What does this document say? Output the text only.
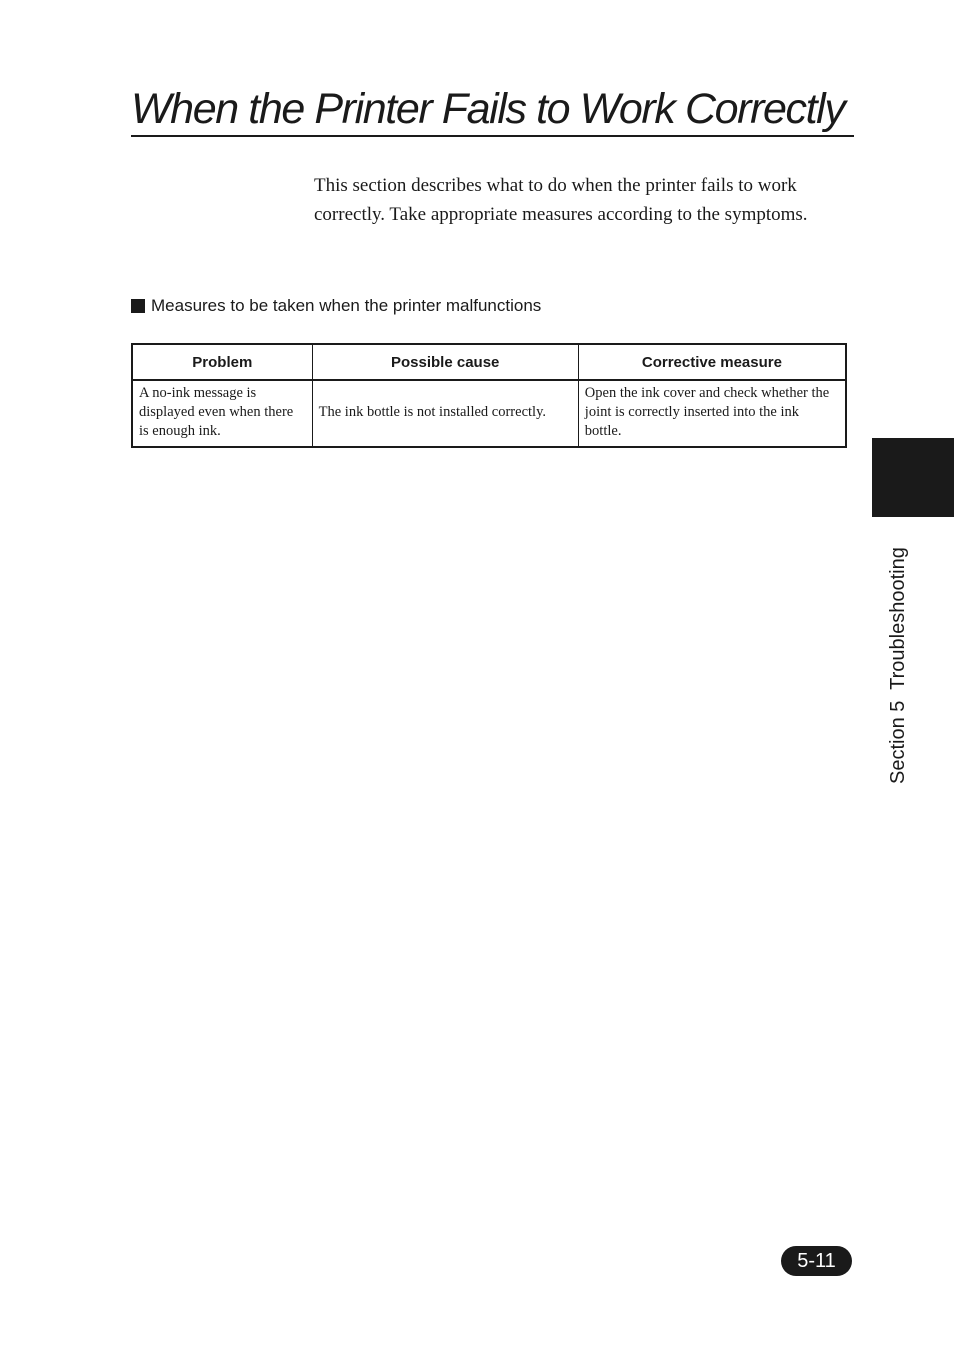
When the Printer Fails to Work Correctly

This section describes what to do when the printer fails to work correctly. Take appropriate measures according to the symptoms.

Measures to be taken when the printer malfunctions
Problem	Possible cause	Corrective measure
A no-ink message is displayed even when there is enough ink.	The ink bottle is not installed correctly.	Open the ink cover and check whether the joint is correctly inserted into the ink bottle.
Section 5  Troubleshooting
5-11
